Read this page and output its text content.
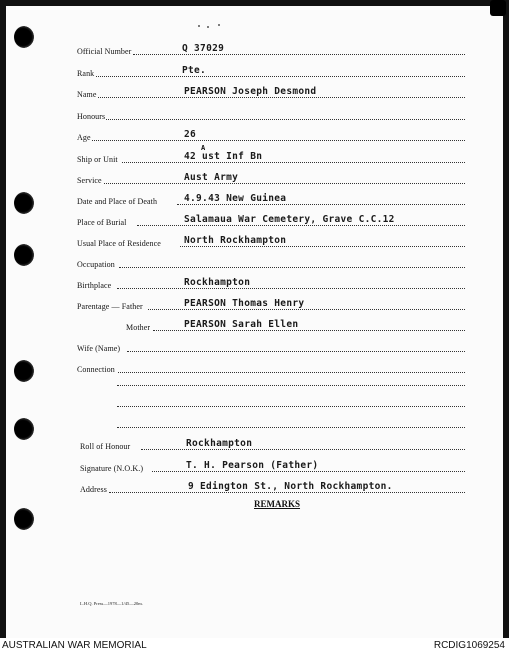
Official Number	Q 37029
Rank	Pte.
Name	PEARSON Joseph Desmond
Honours
Age	26
Ship or Unit	42 ust Inf Bn
A
Service	Aust Army
Date and Place of Death	4.9.43 New Guinea
Place of Burial	Salamaua War Cemetery, Grave C.C.12
Usual Place of Residence North Rockhampton
Occupation
Birthplace	Rockhampton
Parentage — Father	PEARSON Thomas Henry
Mother	PEARSON Sarah Ellen
Wife (Name)
Connection
Roll of Honour	Rockhampton
Signature (N.O.K.)	T. H. Pearson (Father)
Address	9 Edington St., North Rockhampton.
REMARKS
L.H.Q. Press—1978—1/45—20m.
AUSTRALIAN WAR MEMORIAL	RCDIG1069254
